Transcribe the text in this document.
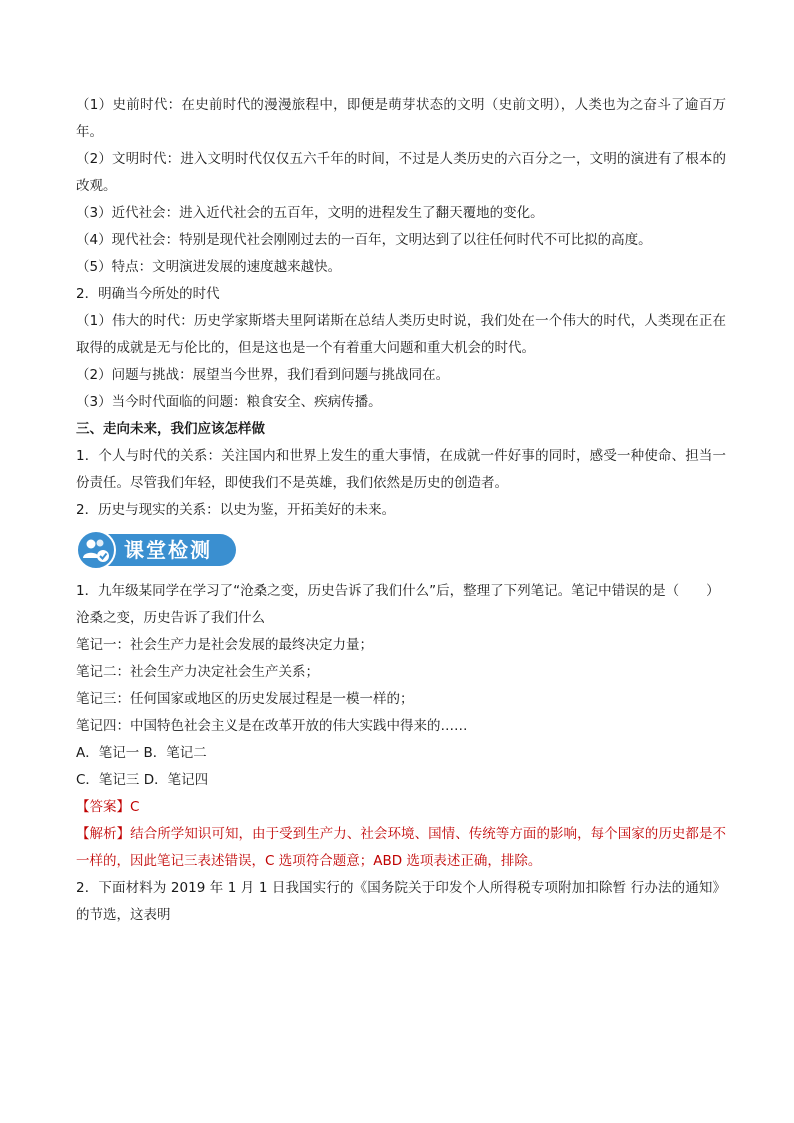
（1）史前时代：在史前时代的漫漫旅程中，即便是萌芽状态的文明（史前文明），人类也为之奋斗了逾百万年。

（2）文明时代：进入文明时代仅仅五六千年的时间，不过是人类历史的六百分之一，文明的演进有了根本的改观。

（3）近代社会：进入近代社会的五百年，文明的进程发生了翻天覆地的变化。

（4）现代社会：特别是现代社会刚刚过去的一百年，文明达到了以往任何时代不可比拟的高度。

（5）特点：文明演进发展的速度越来越快。

2．明确当今所处的时代

（1）伟大的时代：历史学家斯塔夫里阿诺斯在总结人类历史时说，我们处在一个伟大的时代，人类现在正在取得的成就是无与伦比的，但是这也是一个有着重大问题和重大机会的时代。

（2）问题与挑战：展望当今世界，我们看到问题与挑战同在。

（3）当今时代面临的问题：粮食安全、疾病传播。

三、走向未来，我们应该怎样做

1．个人与时代的关系：关注国内和世界上发生的重大事情，在成就一件好事的同时，感受一种使命、担当一份责任。尽管我们年轻，即使我们不是英雄，我们依然是历史的创造者。

2．历史与现实的关系：以史为鉴，开拓美好的未来。

课堂检测

1．九年级某同学在学习了“沧桑之变，历史告诉了我们什么”后，整理了下列笔记。笔记中错误的是（　　）

沧桑之变，历史告诉了我们什么

笔记一：社会生产力是社会发展的最终决定力量；

笔记二：社会生产力决定社会生产关系；

笔记三：任何国家或地区的历史发展过程是一模一样的；

笔记四：中国特色社会主义是在改革开放的伟大实践中得来的……

A．笔记一 B．笔记二

C．笔记三 D．笔记四

【答案】C

【解析】结合所学知识可知，由于受到生产力、社会环境、国情、传统等方面的影响，每个国家的历史都是不一样的，因此笔记三表述错误，C 选项符合题意；ABD 选项表述正确，排除。

2．下面材料为 2019 年 1 月 1 日我国实行的《国务院关于印发个人所得税专项附加扣除暂 行办法的通知》的节选，这表明
